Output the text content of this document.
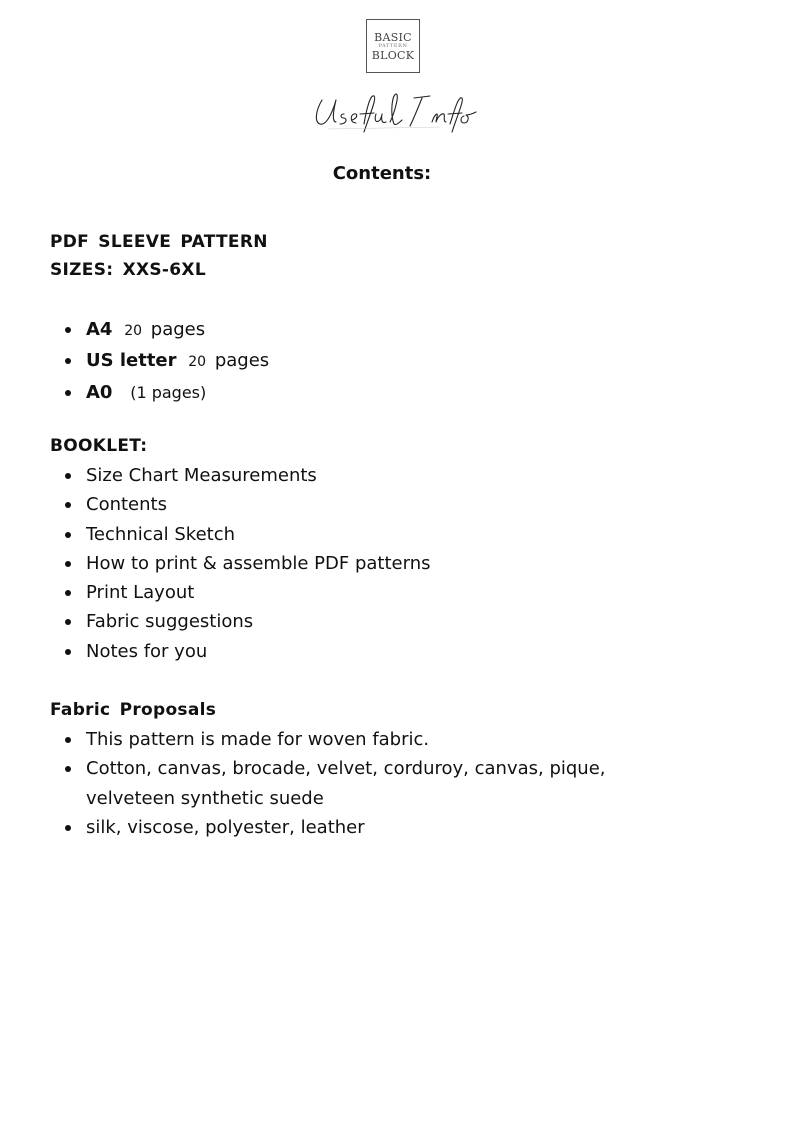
BASIC
PATTERN
BLOCK
Contents:
PDF SLEEVE PATTERN
SIZES: XXS-6XL
A4 20 pages
US letter 20 pages
A0 (1 pages)
BOOKLET:
Size Chart Measurements
Contents
Technical Sketch
How to print & assemble PDF patterns
Print Layout
Fabric suggestions
Notes for you
Fabric Proposals
This pattern is made for woven fabric.
Cotton, canvas, brocade, velvet, corduroy, canvas, pique,
velveteen synthetic suede
silk, viscose, polyester, leather
